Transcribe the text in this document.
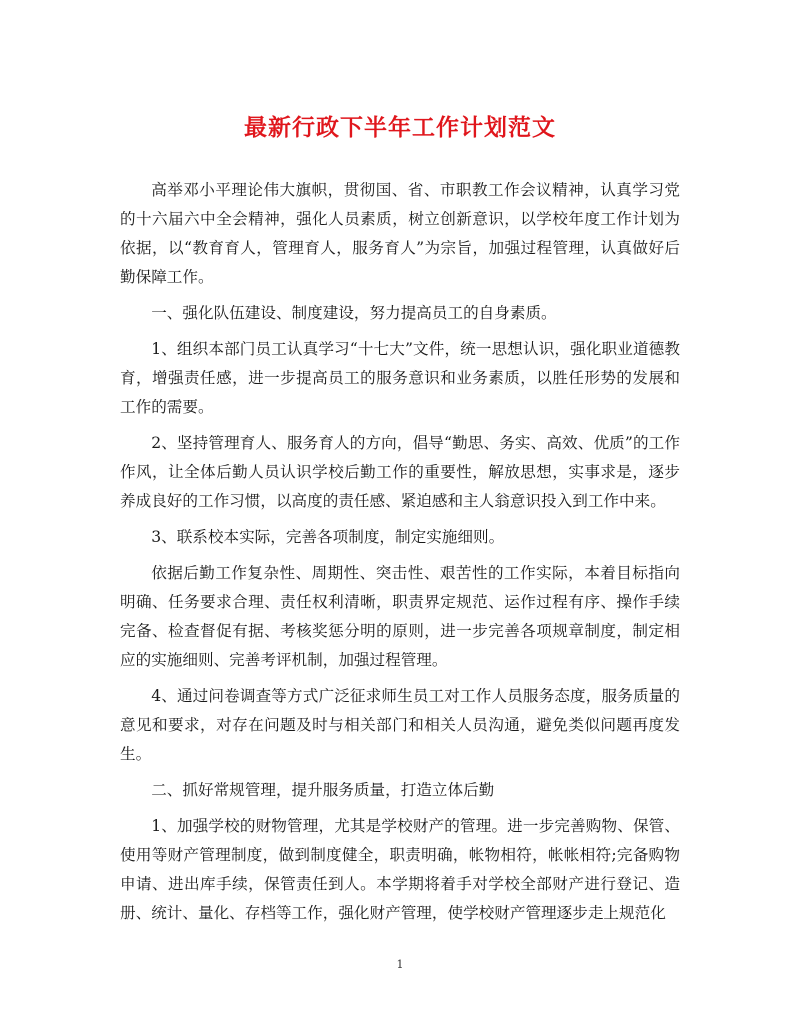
最新行政下半年工作计划范文

高举邓小平理论伟大旗帜，贯彻国、省、市职教工作会议精神，认真学习党的十六届六中全会精神，强化人员素质，树立创新意识，以学校年度工作计划为依据，以“教育育人，管理育人，服务育人”为宗旨，加强过程管理，认真做好后勤保障工作。

一、强化队伍建设、制度建设，努力提高员工的自身素质。

1、组织本部门员工认真学习“十七大”文件，统一思想认识，强化职业道德教育，增强责任感，进一步提高员工的服务意识和业务素质，以胜任形势的发展和工作的需要。

2、坚持管理育人、服务育人的方向，倡导“勤思、务实、高效、优质”的工作作风，让全体后勤人员认识学校后勤工作的重要性，解放思想，实事求是，逐步养成良好的工作习惯，以高度的责任感、紧迫感和主人翁意识投入到工作中来。

3、联系校本实际，完善各项制度，制定实施细则。

依据后勤工作复杂性、周期性、突击性、艰苦性的工作实际，本着目标指向明确、任务要求合理、责任权利清晰，职责界定规范、运作过程有序、操作手续完备、检查督促有据、考核奖惩分明的原则，进一步完善各项规章制度，制定相应的实施细则、完善考评机制，加强过程管理。

4、通过问卷调查等方式广泛征求师生员工对工作人员服务态度，服务质量的意见和要求，对存在问题及时与相关部门和相关人员沟通，避免类似问题再度发生。

二、抓好常规管理，提升服务质量，打造立体后勤

1、加强学校的财物管理，尤其是学校财产的管理。进一步完善购物、保管、使用等财产管理制度，做到制度健全，职责明确，帐物相符，帐帐相符;完备购物申请、进出库手续，保管责任到人。本学期将着手对学校全部财产进行登记、造册、统计、量化、存档等工作，强化财产管理，使学校财产管理逐步走上规范化

1
